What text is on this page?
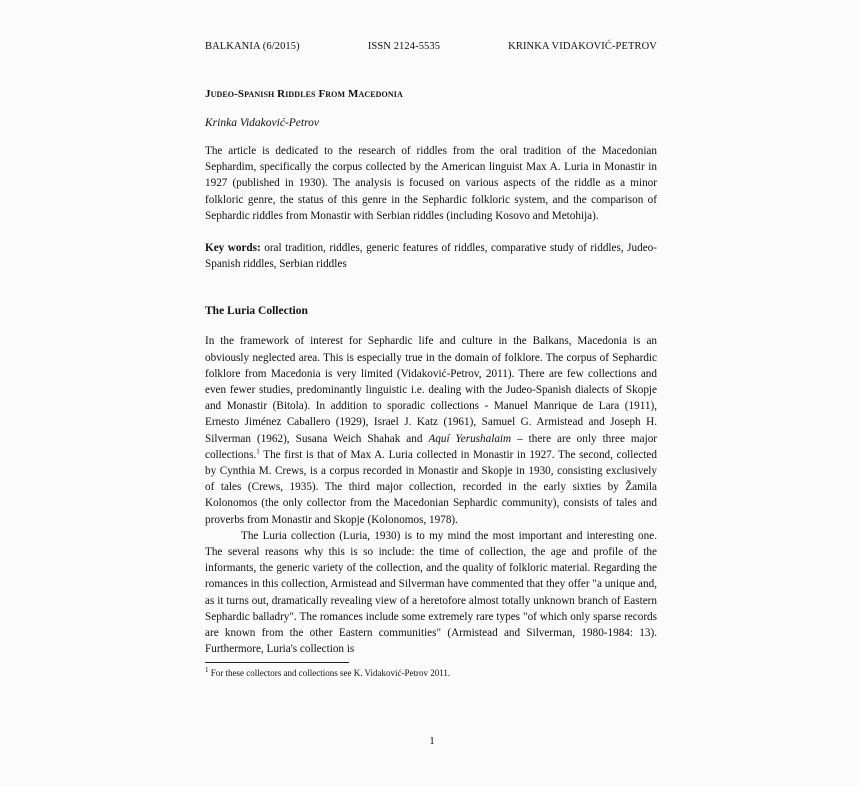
BALKANIA (6/2015)	ISSN 2124-5535	KRINKA VIDAKOVIĆ-PETROV
Judeo-Spanish Riddles From Macedonia
Krinka Vidaković-Petrov
The article is dedicated to the research of riddles from the oral tradition of the Macedonian Sephardim, specifically the corpus collected by the American linguist Max A. Luria in Monastir in 1927 (published in 1930). The analysis is focused on various aspects of the riddle as a minor folkloric genre, the status of this genre in the Sephardic folkloric system, and the comparison of Sephardic riddles from Monastir with Serbian riddles (including Kosovo and Metohija).
Key words: oral tradition, riddles, generic features of riddles, comparative study of riddles, Judeo-Spanish riddles, Serbian riddles
The Luria Collection
In the framework of interest for Sephardic life and culture in the Balkans, Macedonia is an obviously neglected area. This is especially true in the domain of folklore. The corpus of Sephardic folklore from Macedonia is very limited (Vidaković-Petrov, 2011). There are few collections and even fewer studies, predominantly linguistic i.e. dealing with the Judeo-Spanish dialects of Skopje and Monastir (Bitola). In addition to sporadic collections - Manuel Manrique de Lara (1911), Ernesto Jiménez Caballero (1929), Israel J. Katz (1961), Samuel G. Armistead and Joseph H. Silverman (1962), Susana Weich Shahak and Aquí Yerushalaim – there are only three major collections.$^1$ The first is that of Max A. Luria collected in Monastir in 1927. The second, collected by Cynthia M. Crews, is a corpus recorded in Monastir and Skopje in 1930, consisting exclusively of tales (Crews, 1935). The third major collection, recorded in the early sixties by Žamila Kolonomos (the only collector from the Macedonian Sephardic community), consists of tales and proverbs from Monastir and Skopje (Kolonomos, 1978).
The Luria collection (Luria, 1930) is to my mind the most important and interesting one. The several reasons why this is so include: the time of collection, the age and profile of the informants, the generic variety of the collection, and the quality of folkloric material. Regarding the romances in this collection, Armistead and Silverman have commented that they offer "a unique and, as it turns out, dramatically revealing view of a heretofore almost totally unknown branch of Eastern Sephardic balladry". The romances include some extremely rare types "of which only sparse records are known from the other Eastern communities" (Armistead and Silverman, 1980-1984: 13). Furthermore, Luria's collection is
$^1$ For these collectors and collections see K. Vidaković-Petrov 2011.
1
